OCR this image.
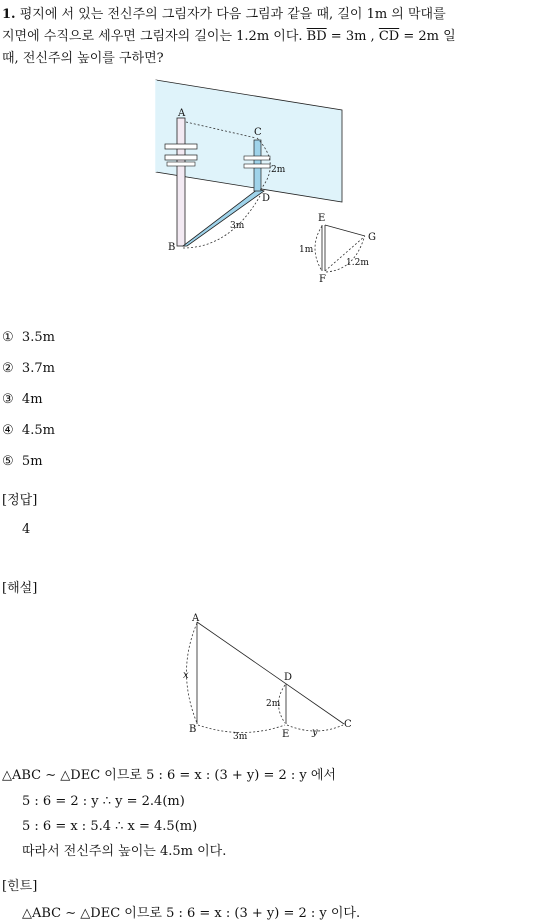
1. 평지에 서 있는 전신주의 그림자가 다음 그림과 같을 때, 길이 1m 의 막대를
지면에 수직으로 세우면 그림자의 길이는 1.2m 이다. $\overline{BD} = 3m$ , $\overline{CD} = 2m$ 일
때, 전신주의 높이를 구하면?
A
C
D
B
3m
2m
E
F
G
1m
1.2m
① 3.5m
② 3.7m
③ 4m
④ 4.5m
⑤ 5m
[정답]
4
[해설]
A
D
C
B	E
x
y
3m
2m
△ABC ∼ △DEC 이므로 5 : 6 = x : (3 + y) = 2 : y 에서
5 : 6 = 2 : y ∴ y = 2.4(m)
5 : 6 = x : 5.4 ∴ x = 4.5(m)
따라서 전신주의 높이는 4.5m 이다.
[힌트]
△ABC ∼ △DEC 이므로 5 : 6 = x : (3 + y) = 2 : y 이다.
